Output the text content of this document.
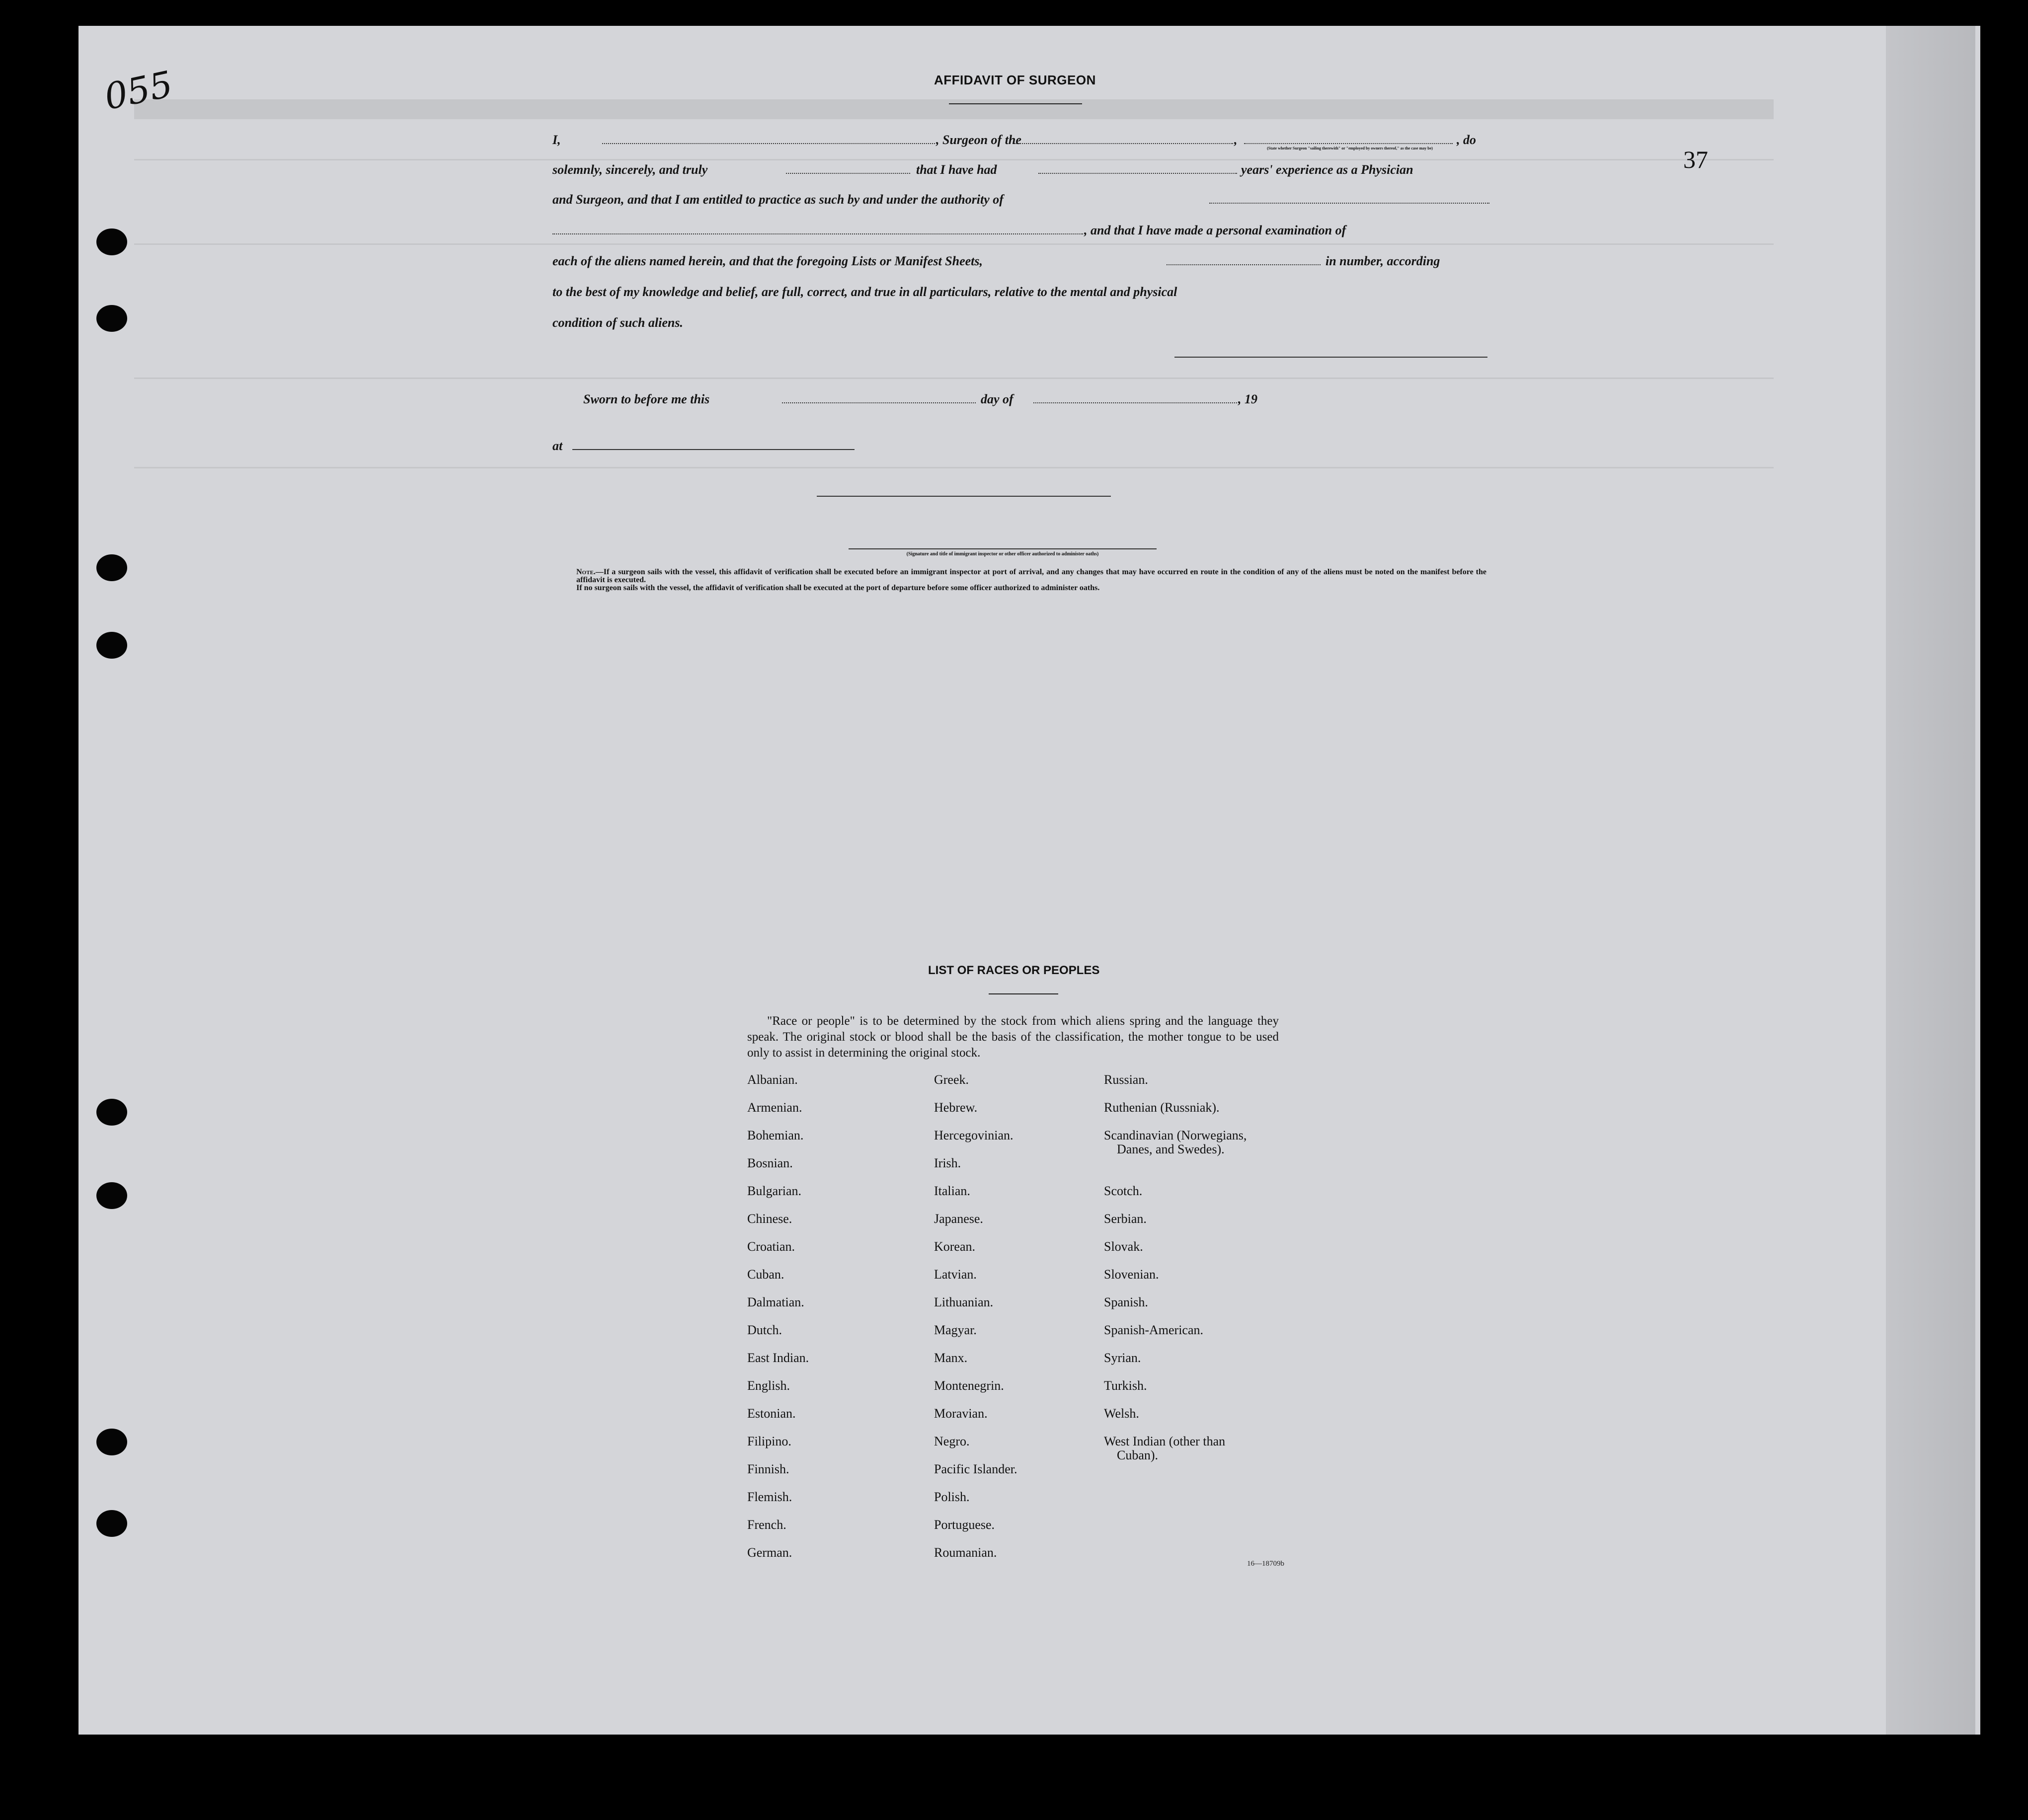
055
37
AFFIDAVIT OF SURGEON
I,	, Surgeon of the	,	, do
(State whether Surgeon "sailing therewith" or "employed by owners thereof," as the case may be)
solemnly, sincerely, and truly	that I have had	years' experience as a Physician
and Surgeon, and that I am entitled to practice as such by and under the authority of
, and that I have made a personal examination of
each of the aliens named herein, and that the foregoing Lists or Manifest Sheets,	in number, according
to the best of my knowledge and belief, are full, correct, and true in all particulars, relative to the mental and physical
condition of such aliens.
Sworn to before me this	day of	, 19
at
(Signature and title of immigrant inspector or other officer authorized to administer oaths)

Note.—If a surgeon sails with the vessel, this affidavit of verification shall be executed before an immigrant inspector at port of arrival, and any changes that may have occurred en route in the condition of any of the aliens must be noted on the manifest before the affidavit is executed.

If no surgeon sails with the vessel, the affidavit of verification shall be executed at the port of departure before some officer authorized to administer oaths.

LIST OF RACES OR PEOPLES

"Race or people" is to be determined by the stock from which aliens spring and the language they speak. The original stock or blood shall be the basis of the classification, the mother tongue to be used only to assist in determining the original stock.

Albanian.
Armenian.
Bohemian.
Bosnian.
Bulgarian.
Chinese.
Croatian.
Cuban.
Dalmatian.
Dutch.
East Indian.
English.
Estonian.
Filipino.
Finnish.
Flemish.
French.
German.
Greek.
Hebrew.
Hercegovinian.
Irish.
Italian.
Japanese.
Korean.
Latvian.
Lithuanian.
Magyar.
Manx.
Montenegrin.
Moravian.
Negro.
Pacific Islander.
Polish.
Portuguese.
Roumanian.
Russian.
Ruthenian (Russniak).
Scandinavian (Norwegians,
Danes, and Swedes).
Scotch.
Serbian.
Slovak.
Slovenian.
Spanish.
Spanish-American.
Syrian.
Turkish.
Welsh.
West Indian (other than
Cuban).
16—18709b
